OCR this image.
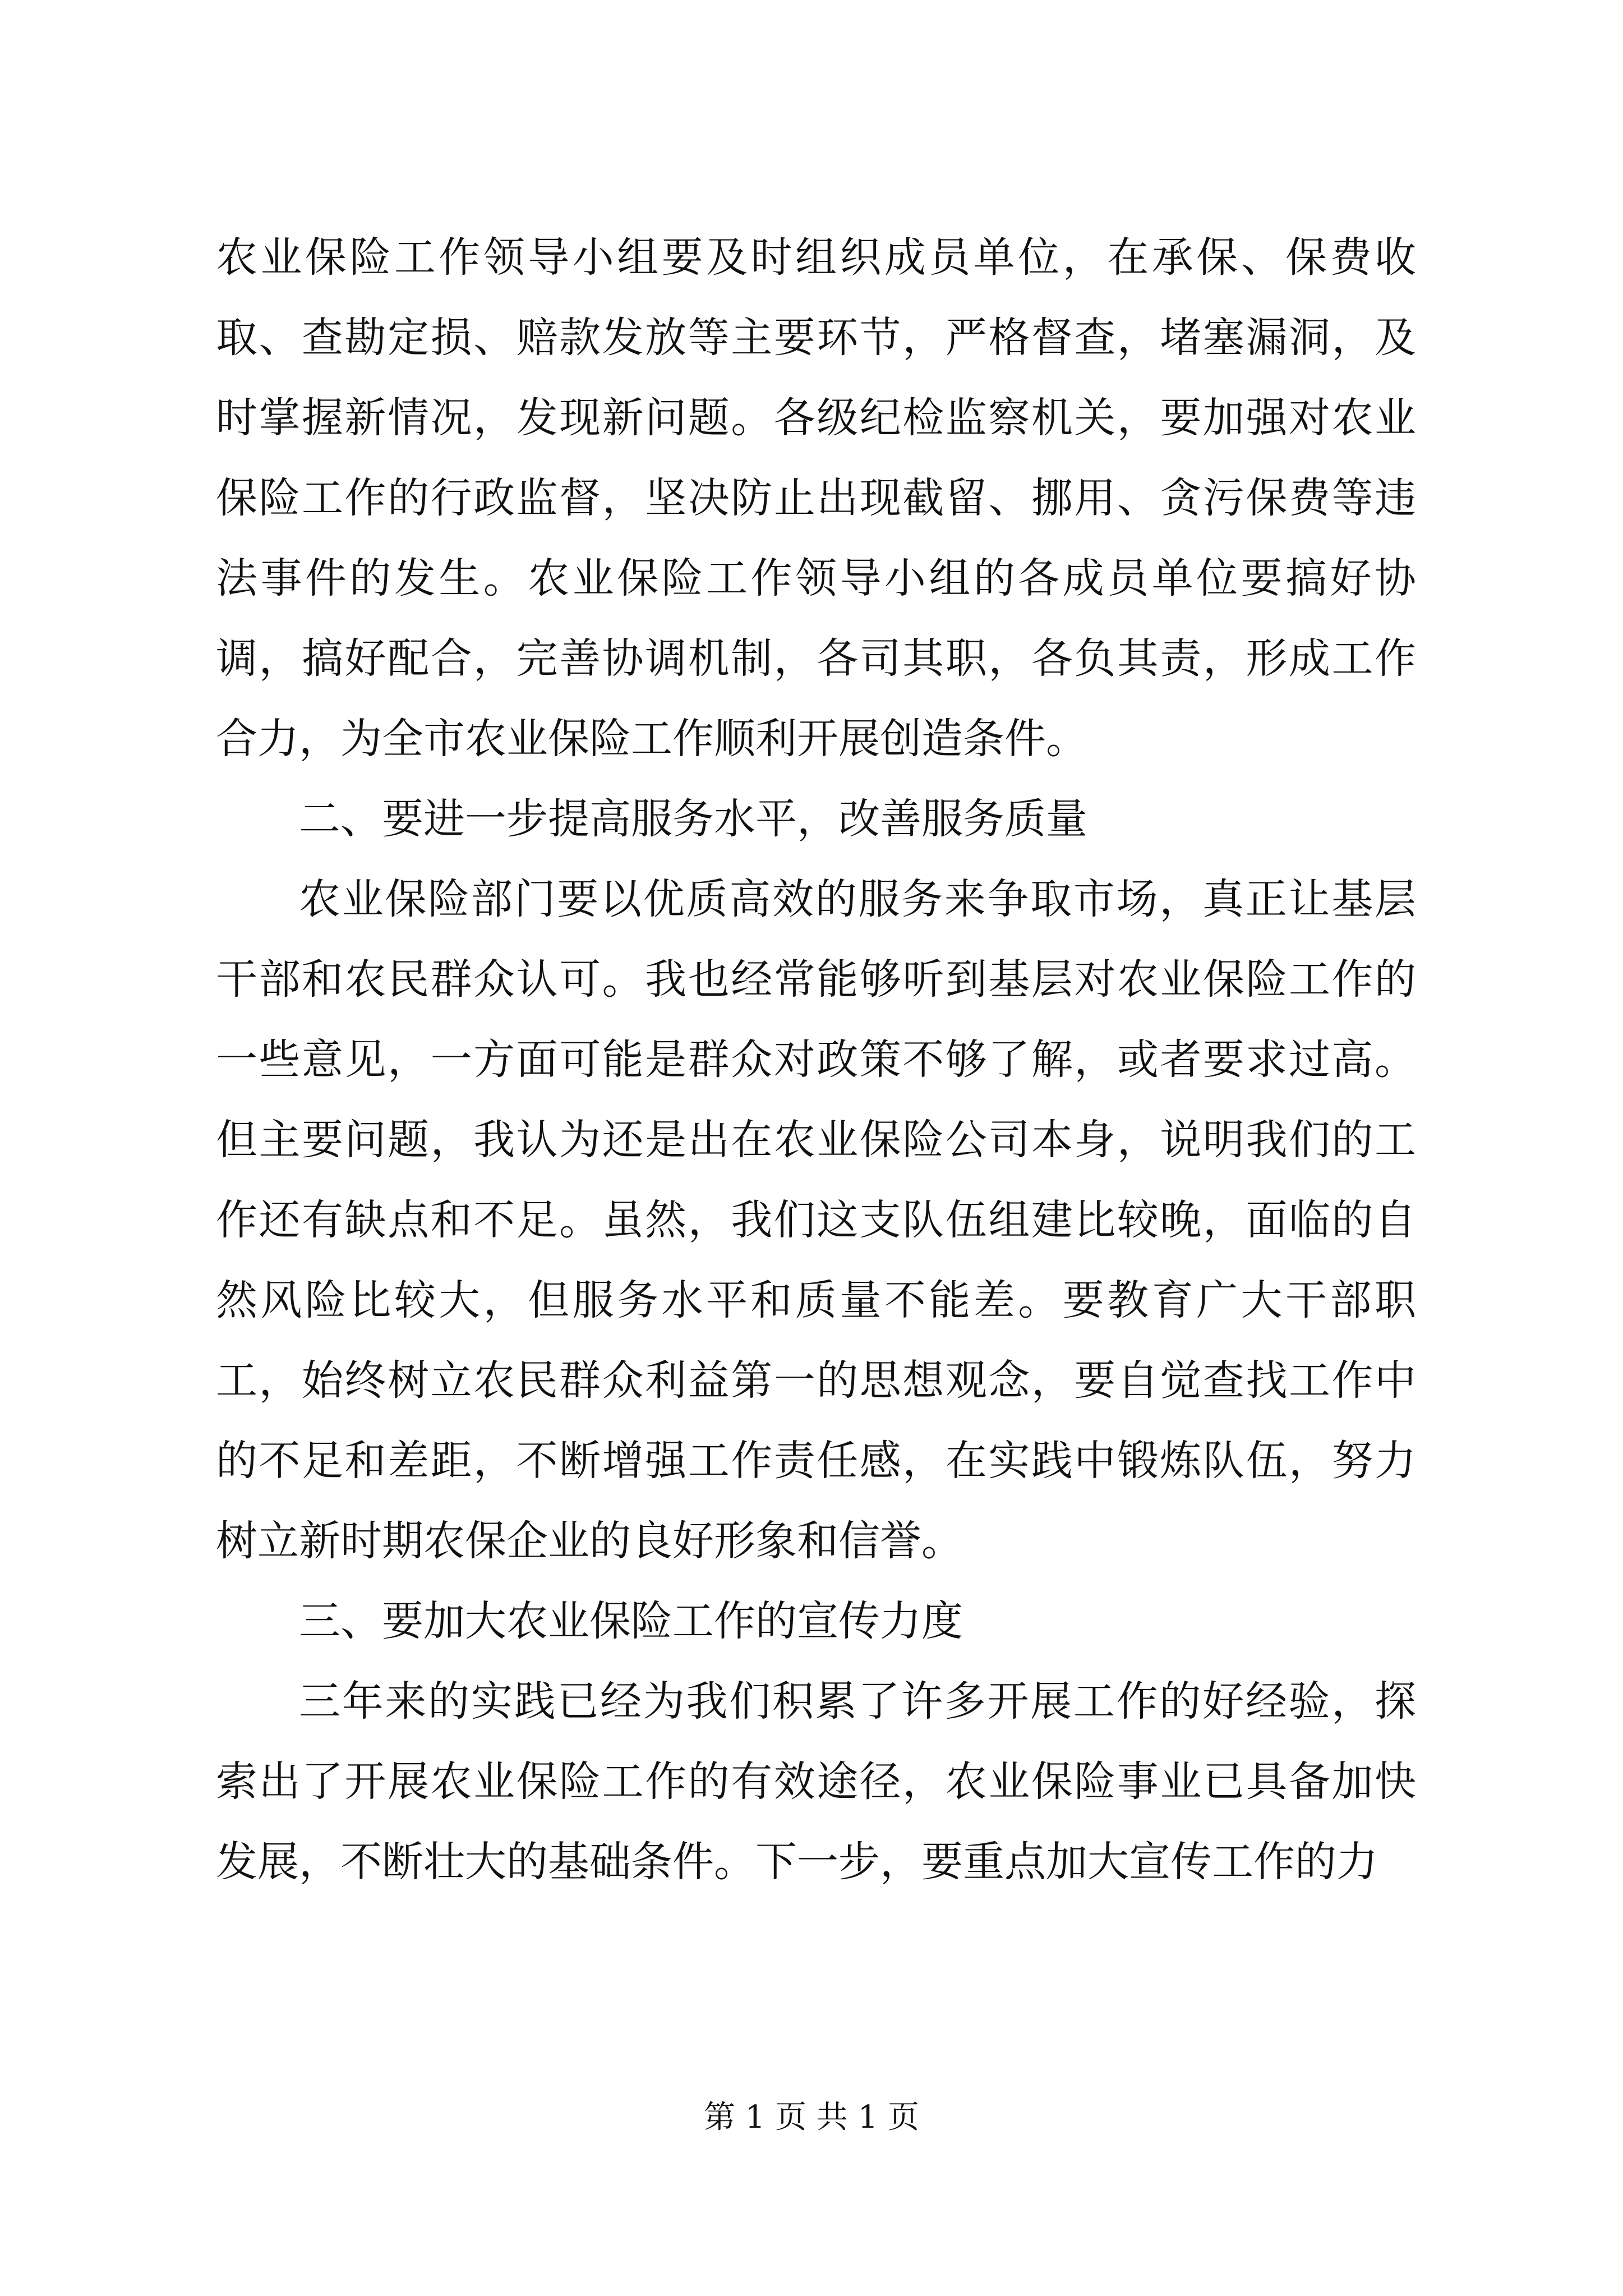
农业保险工作领导小组要及时组织成员单位，在承保、保费收取、查勘定损、赔款发放等主要环节，严格督查，堵塞漏洞，及时掌握新情况，发现新问题。各级纪检监察机关，要加强对农业保险工作的行政监督，坚决防止出现截留、挪用、贪污保费等违法事件的发生。农业保险工作领导小组的各成员单位要搞好协调，搞好配合，完善协调机制，各司其职，各负其责，形成工作合力，为全市农业保险工作顺利开展创造条件。

二、要进一步提高服务水平，改善服务质量

农业保险部门要以优质高效的服务来争取市场，真正让基层干部和农民群众认可。我也经常能够听到基层对农业保险工作的一些意见，一方面可能是群众对政策不够了解，或者要求过高。但主要问题，我认为还是出在农业保险公司本身，说明我们的工作还有缺点和不足。虽然，我们这支队伍组建比较晚，面临的自然风险比较大，但服务水平和质量不能差。要教育广大干部职工，始终树立农民群众利益第一的思想观念，要自觉查找工作中的不足和差距，不断增强工作责任感，在实践中锻炼队伍，努力树立新时期农保企业的良好形象和信誉。

三、要加大农业保险工作的宣传力度

三年来的实践已经为我们积累了许多开展工作的好经验，探索出了开展农业保险工作的有效途径，农业保险事业已具备加快发展，不断壮大的基础条件。下一步，要重点加大宣传工作的力

第 1 页 共 1 页
